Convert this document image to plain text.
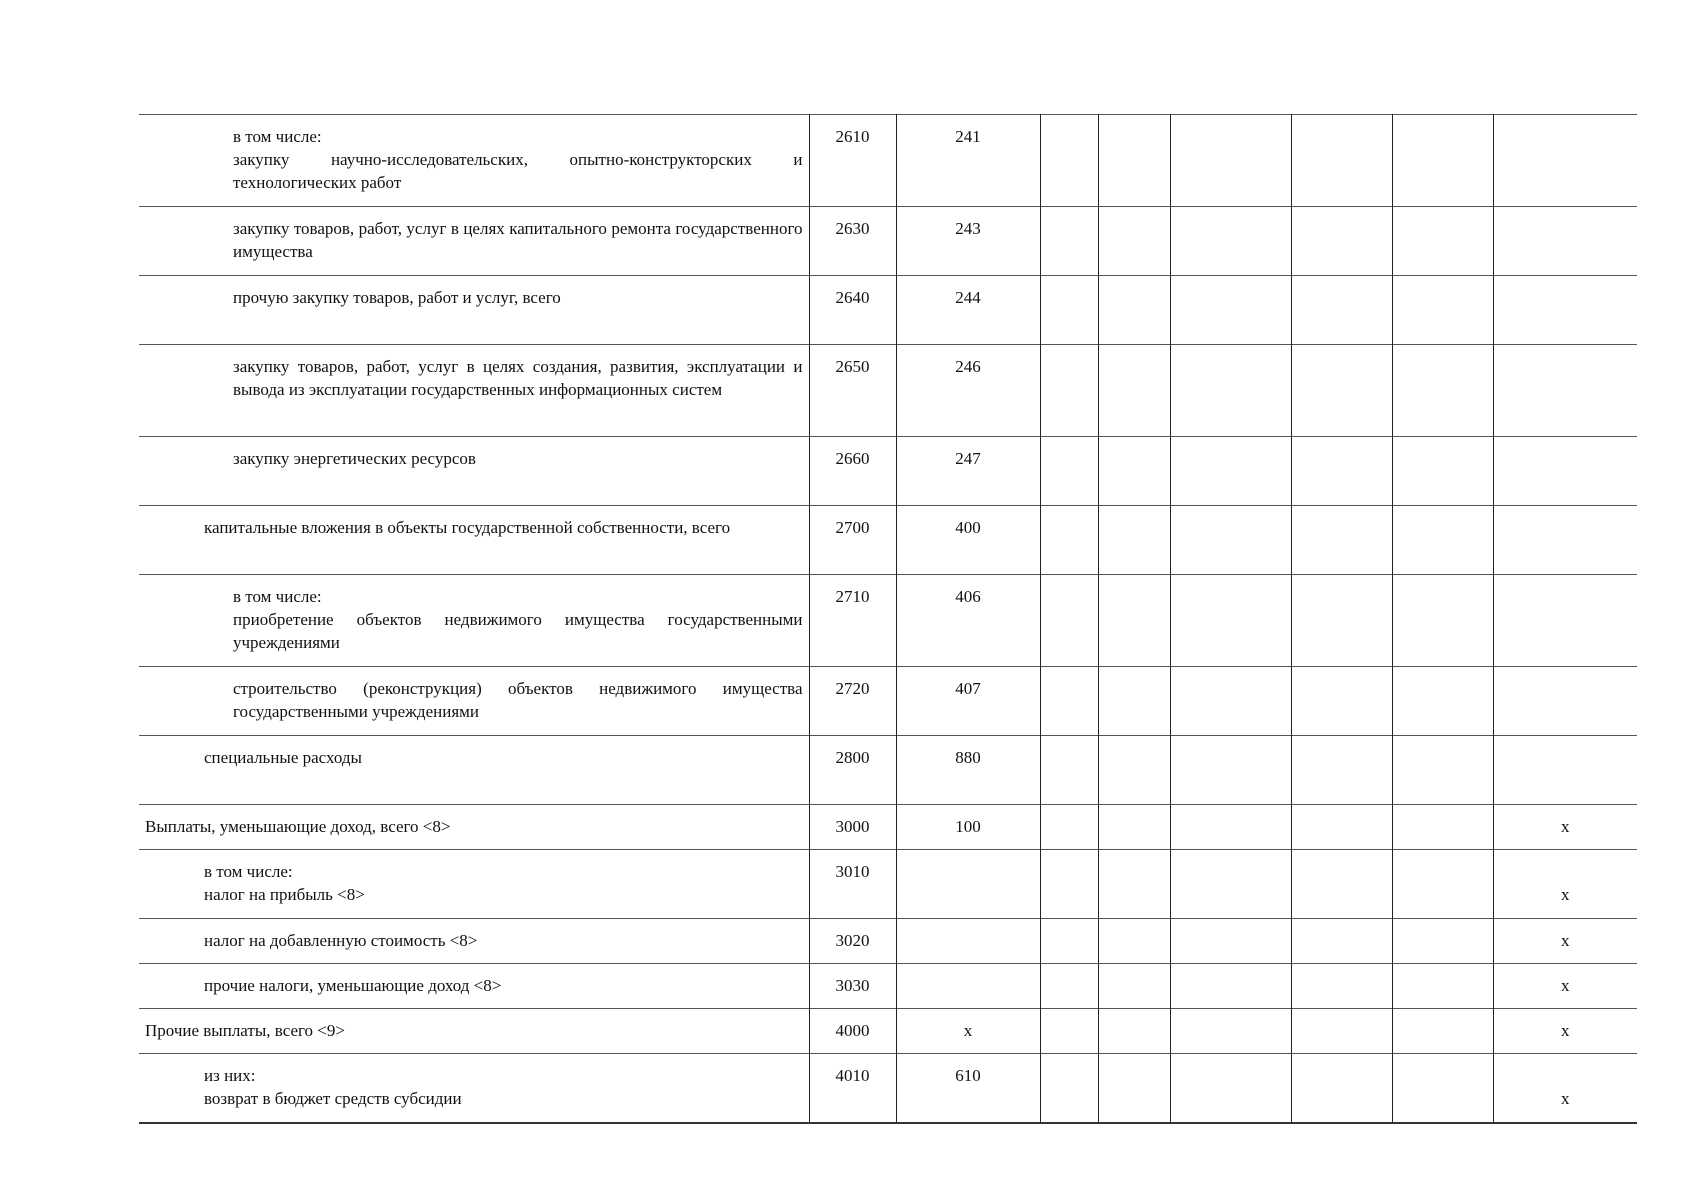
в том числе:
закупку научно-исследовательских, опытно-конструкторских и технологических работ	2610	241						

закупку товаров, работ, услуг в целях капитального ремонта государственного имущества	2630	243						

прочую закупку товаров, работ и услуг, всего	2640	244						

закупку товаров, работ, услуг в целях создания, развития, эксплуатации и вывода из эксплуатации государственных информационных систем	2650	246						

закупку энергетических ресурсов	2660	247						

капитальные вложения в объекты государственной собственности, всего	2700	400						

в том числе:
приобретение объектов недвижимого имущества государственными учреждениями	2710	406						

строительство (реконструкция) объектов недвижимого имущества государственными учреждениями	2720	407						

специальные расходы	2800	880						

Выплаты, уменьшающие доход, всего <8>	3000	100						x

в том числе:
налог на прибыль <8>	3010							x

налог на добавленную стоимость <8>	3020							x

прочие налоги, уменьшающие доход <8>	3030							x

Прочие выплаты, всего <9>	4000	x						x

из них:
возврат в бюджет средств субсидии	4010	610						x
